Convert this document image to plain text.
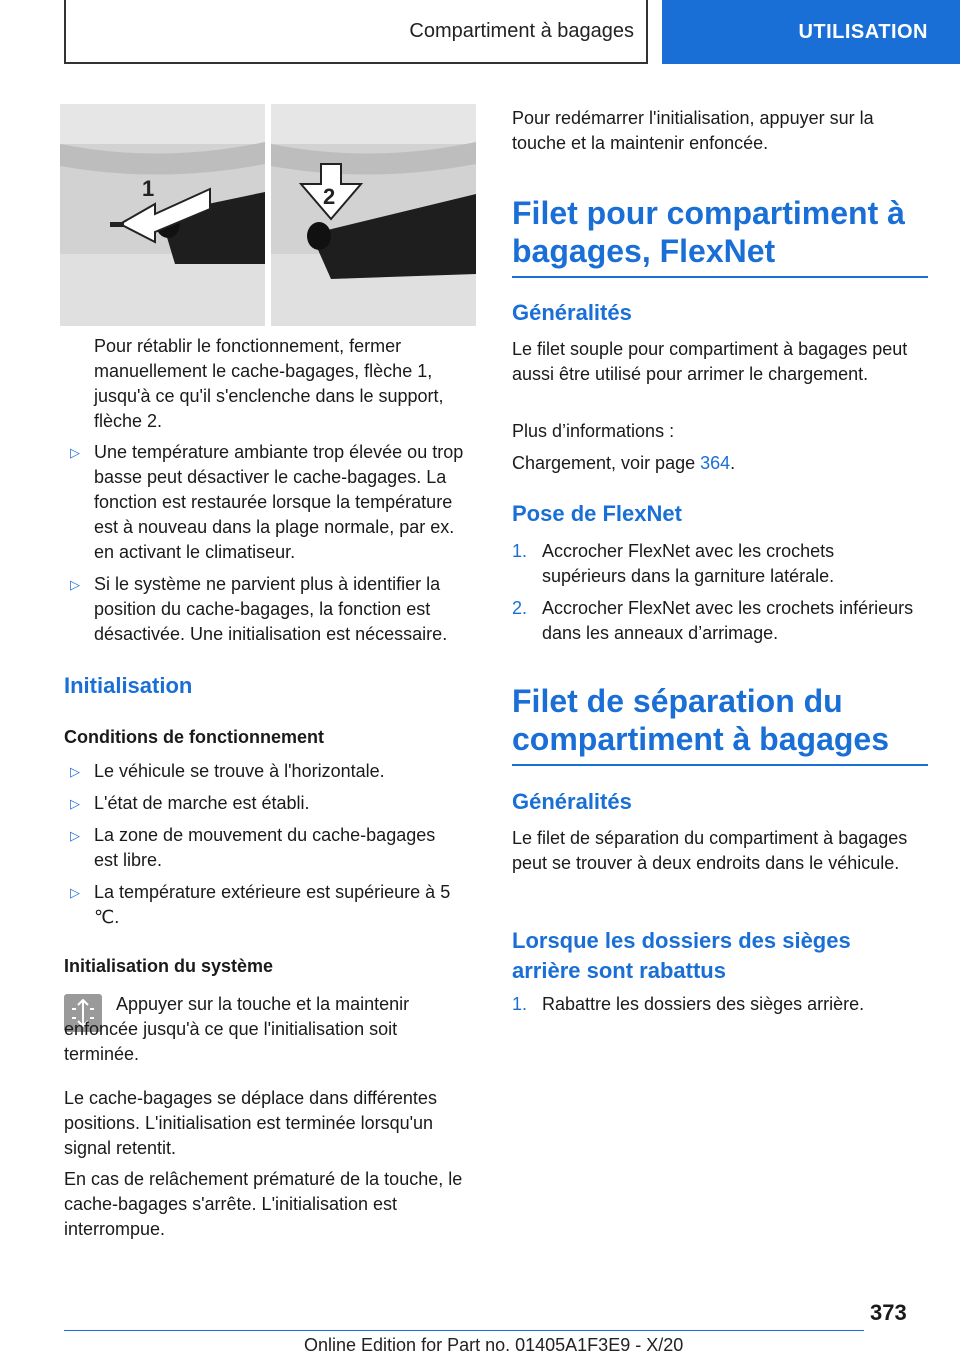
Compartiment à bagages	UTILISATION
1	2

Pour rétablir le fonctionnement, fermer manuellement le cache-bagages, flèche 1, jusqu'à ce qu'il s'enclenche dans le support, flèche 2.

▷ Une température ambiante trop élevée ou trop basse peut désactiver le cache-bagages. La fonction est restaurée lorsque la température est à nouveau dans la plage normale, par ex. en activant le climatiseur.
▷ Si le système ne parvient plus à identifier la position du cache-bagages, la fonction est désactivée. Une initialisation est nécessaire.
Initialisation
Conditions de fonctionnement
▷ Le véhicule se trouve à l'horizontale.
▷ L'état de marche est établi.
▷ La zone de mouvement du cache-bagages est libre.
▷ La température extérieure est supérieure à 5 ℃.
Initialisation du système

Appuyer sur la touche et la maintenir enfoncée jusqu'à ce que l'initialisation soit terminée.

Le cache-bagages se déplace dans différentes positions. L'initialisation est terminée lorsqu'un signal retentit.

En cas de relâchement prématuré de la touche, le cache-bagages s'arrête. L'initialisation est interrompue.

Pour redémarrer l'initialisation, appuyer sur la touche et la maintenir enfoncée.

Filet pour compartiment à bagages, FlexNet
Généralités

Le filet souple pour compartiment à bagages peut aussi être utilisé pour arrimer le chargement.

Plus d’informations :

Chargement, voir page 364.

Pose de FlexNet
1. Accrocher FlexNet avec les crochets supérieurs dans la garniture latérale.
2. Accrocher FlexNet avec les crochets inférieurs dans les anneaux d’arrimage.
Filet de séparation du compartiment à bagages
Généralités

Le filet de séparation du compartiment à bagages peut se trouver à deux endroits dans le véhicule.

Lorsque les dossiers des sièges arrière sont rabattus
1. Rabattre les dossiers des sièges arrière.
373
Online Edition for Part no. 01405A1F3E9 - X/20
